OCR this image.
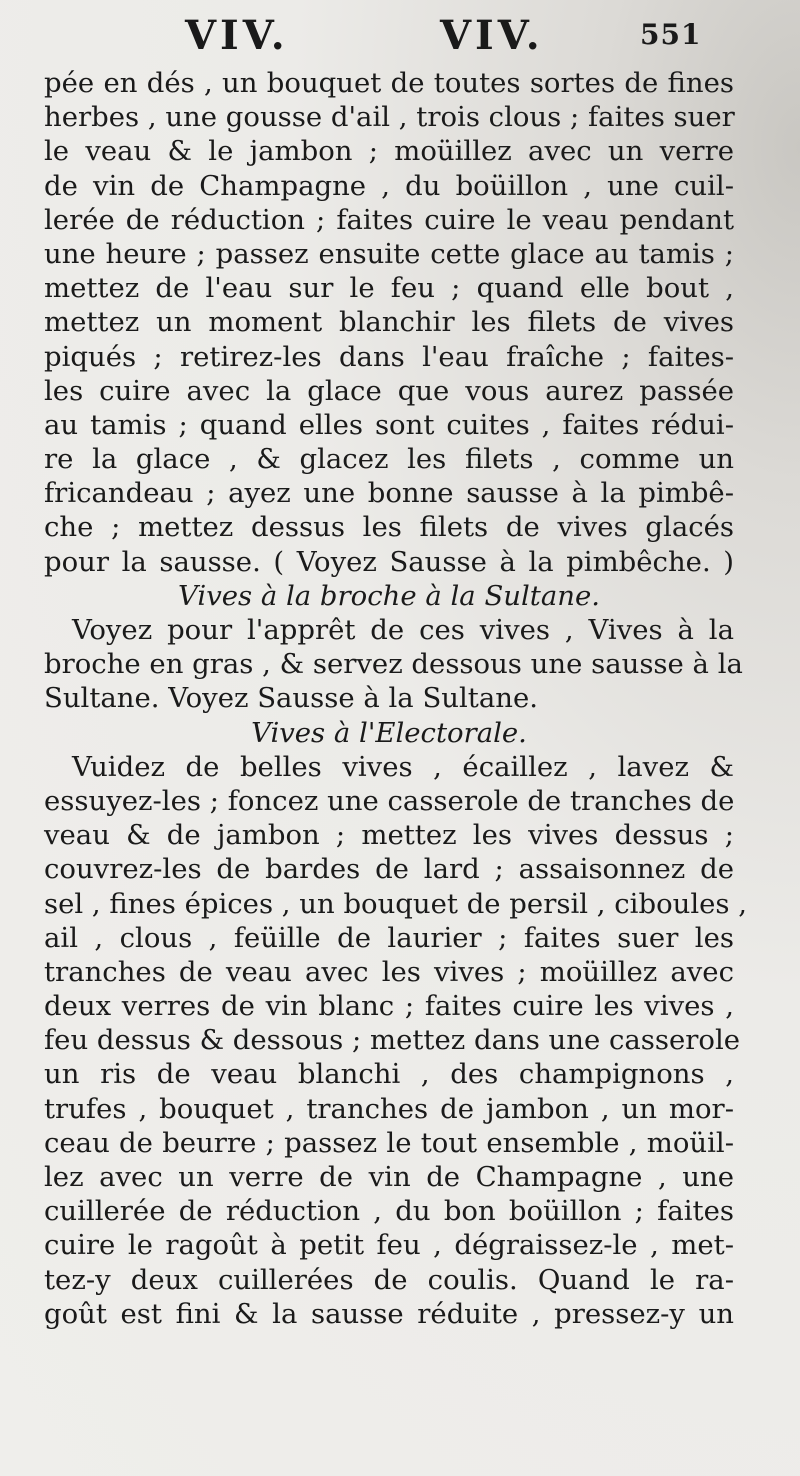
VIV.	VIV.	551
pée en dés , un bouquet de toutes sortes de fines
herbes , une gousse d'ail , trois clous ; faites suer
le veau & le jambon ; moüillez avec un verre
de vin de Champagne , du boüillon , une cuil-
lerée de réduction ; faites cuire le veau pendant
une heure ; passez ensuite cette glace au tamis ;
mettez de l'eau sur le feu ; quand elle bout ,
mettez un moment blanchir les filets de vives
piqués ; retirez-les dans l'eau fraîche ; faites-
les cuire avec la glace que vous aurez passée
au tamis ; quand elles sont cuites , faites rédui-
re la glace , & glacez les filets , comme un
fricandeau ; ayez une bonne sausse à la pimbê-
che ; mettez dessus les filets de vives glacés
pour la sausse. ( Voyez Sausse à la pimbêche. )
Vives à la broche à la Sultane.
Voyez pour l'apprêt de ces vives , Vives à la
broche en gras , & servez dessous une sausse à la
Sultane. Voyez Sausse à la Sultane.
Vives à l'Electorale.
Vuidez de belles vives , écaillez , lavez &
essuyez-les ; foncez une casserole de tranches de
veau & de jambon ; mettez les vives dessus ;
couvrez-les de bardes de lard ; assaisonnez de
sel , fines épices , un bouquet de persil , ciboules ,
ail , clous , feüille de laurier ; faites suer les
tranches de veau avec les vives ; moüillez avec
deux verres de vin blanc ; faites cuire les vives ,
feu dessus & dessous ; mettez dans une casserole
un ris de veau blanchi , des champignons ,
trufes , bouquet , tranches de jambon , un mor-
ceau de beurre ; passez le tout ensemble , moüil-
lez avec un verre de vin de Champagne , une
cuillerée de réduction , du bon boüillon ; faites
cuire le ragoût à petit feu , dégraissez-le , met-
tez-y deux cuillerées de coulis. Quand le ra-
goût est fini & la sausse réduite , pressez-y un
